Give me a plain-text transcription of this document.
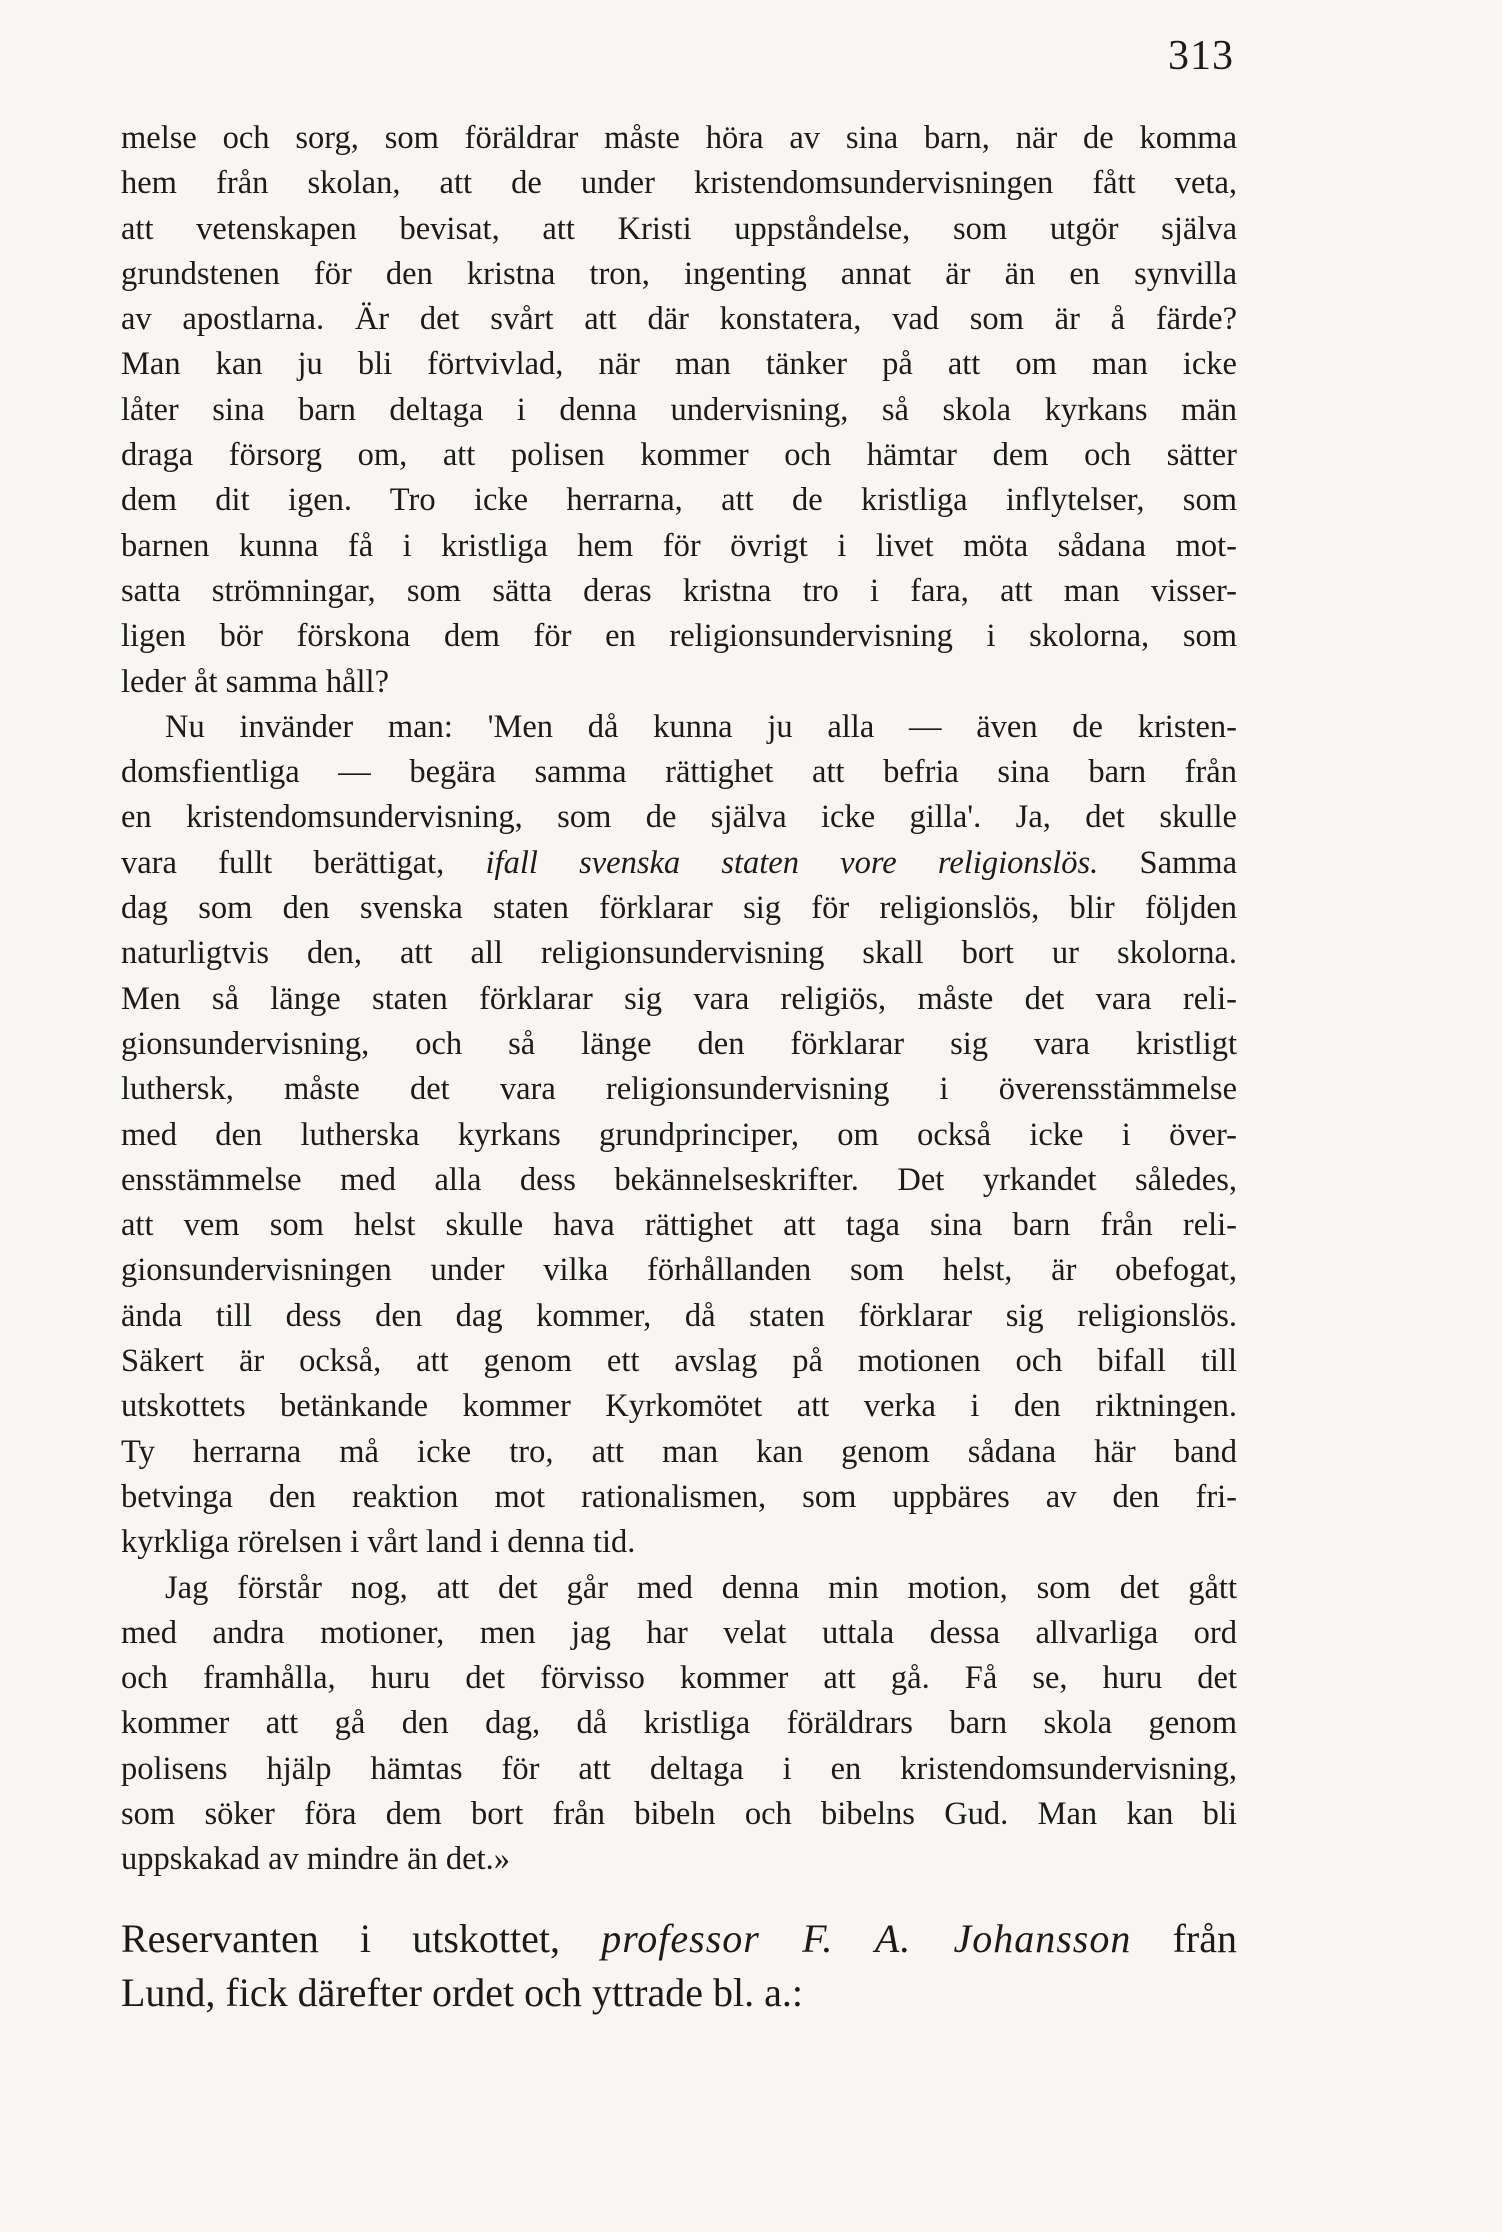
313
melse och sorg, som föräldrar måste höra av sina barn, när de komma
hem från skolan, att de under kristendomsundervisningen fått veta,
att vetenskapen bevisat, att Kristi uppståndelse, som utgör själva
grundstenen för den kristna tron, ingenting annat är än en synvilla
av apostlarna. Är det svårt att där konstatera, vad som är å färde?
Man kan ju bli förtvivlad, när man tänker på att om man icke
låter sina barn deltaga i denna undervisning, så skola kyrkans män
draga försorg om, att polisen kommer och hämtar dem och sätter
dem dit igen. Tro icke herrarna, att de kristliga inflytelser, som
barnen kunna få i kristliga hem för övrigt i livet möta sådana mot-
satta strömningar, som sätta deras kristna tro i fara, att man visser-
ligen bör förskona dem för en religionsundervisning i skolorna, som
leder åt samma håll?
Nu invänder man: 'Men då kunna ju alla — även de kristen-
domsfientliga — begära samma rättighet att befria sina barn från
en kristendomsundervisning, som de själva icke gilla'. Ja, det skulle
vara fullt berättigat, ifall svenska staten vore religionslös. Samma
dag som den svenska staten förklarar sig för religionslös, blir följden
naturligtvis den, att all religionsundervisning skall bort ur skolorna.
Men så länge staten förklarar sig vara religiös, måste det vara reli-
gionsundervisning, och så länge den förklarar sig vara kristligt
luthersk, måste det vara religionsundervisning i överensstämmelse
med den lutherska kyrkans grundprinciper, om också icke i över-
ensstämmelse med alla dess bekännelseskrifter. Det yrkandet således,
att vem som helst skulle hava rättighet att taga sina barn från reli-
gionsundervisningen under vilka förhållanden som helst, är obefogat,
ända till dess den dag kommer, då staten förklarar sig religionslös.
Säkert är också, att genom ett avslag på motionen och bifall till
utskottets betänkande kommer Kyrkomötet att verka i den riktningen.
Ty herrarna må icke tro, att man kan genom sådana här band
betvinga den reaktion mot rationalismen, som uppbäres av den fri-
kyrkliga rörelsen i vårt land i denna tid.
Jag förstår nog, att det går med denna min motion, som det gått
med andra motioner, men jag har velat uttala dessa allvarliga ord
och framhålla, huru det förvisso kommer att gå. Få se, huru det
kommer att gå den dag, då kristliga föräldrars barn skola genom
polisens hjälp hämtas för att deltaga i en kristendomsundervisning,
som söker föra dem bort från bibeln och bibelns Gud. Man kan bli
uppskakad av mindre än det.»
Reservanten i utskottet, professor F. A. Johansson från
Lund, fick därefter ordet och yttrade bl. a.:
